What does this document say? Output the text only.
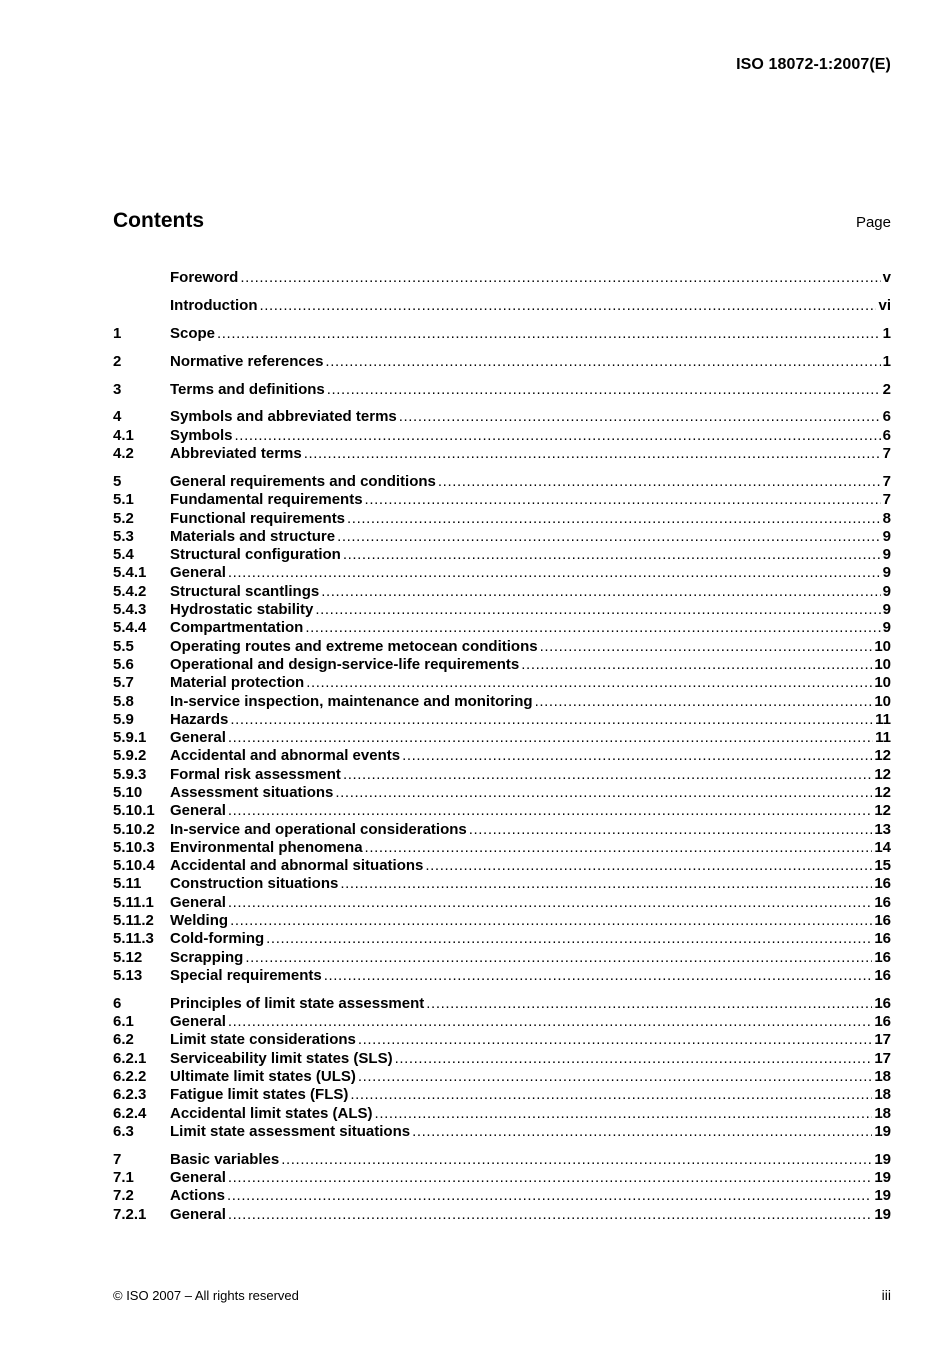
ISO 18072-1:2007(E)
Contents	Page
Foreword .....	v
Introduction .....	vi
1	Scope .....	1
2	Normative references .....	1
3	Terms and definitions .....	2
4	Symbols and abbreviated terms .....	6
4.1	Symbols .....	6
4.2	Abbreviated terms .....	7
5	General requirements and conditions .....	7
5.1	Fundamental requirements .....	7
5.2	Functional requirements .....	8
5.3	Materials and structure .....	9
5.4	Structural configuration .....	9
5.4.1	General .....	9
5.4.2	Structural scantlings .....	9
5.4.3	Hydrostatic stability .....	9
5.4.4	Compartmentation .....	9
5.5	Operating routes and extreme metocean conditions .....	10
5.6	Operational and design-service-life requirements .....	10
5.7	Material protection .....	10
5.8	In-service inspection, maintenance and monitoring .....	10
5.9	Hazards .....	11
5.9.1	General .....	11
5.9.2	Accidental and abnormal events .....	12
5.9.3	Formal risk assessment .....	12
5.10	Assessment situations .....	12
5.10.1	General .....	12
5.10.2	In-service and operational considerations .....	13
5.10.3	Environmental phenomena .....	14
5.10.4	Accidental and abnormal situations .....	15
5.11	Construction situations .....	16
5.11.1	General .....	16
5.11.2	Welding .....	16
5.11.3	Cold-forming .....	16
5.12	Scrapping .....	16
5.13	Special requirements .....	16
6	Principles of limit state assessment .....	16
6.1	General .....	16
6.2	Limit state considerations .....	17
6.2.1	Serviceability limit states (SLS) .....	17
6.2.2	Ultimate limit states (ULS) .....	18
6.2.3	Fatigue limit states (FLS) .....	18
6.2.4	Accidental limit states (ALS) .....	18
6.3	Limit state assessment situations .....	19
7	Basic variables .....	19
7.1	General .....	19
7.2	Actions .....	19
7.2.1	General .....	19
© ISO 2007 – All rights reserved	iii
